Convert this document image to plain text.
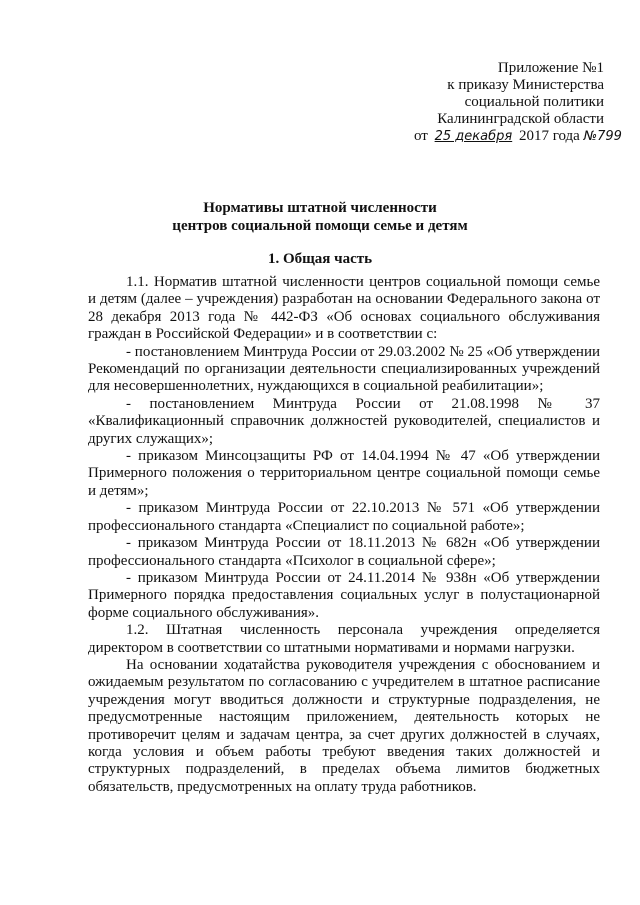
Приложение №1
к приказу Министерства
социальной политики
Калининградской области
от 25 декабря 2017 года №799
Нормативы штатной численности
центров социальной помощи семье и детям
1. Общая часть

1.1. Норматив штатной численности центров социальной помощи семье и детям (далее – учреждения) разработан на основании Федерального закона от 28 декабря 2013 года № 442-ФЗ «Об основах социального обслуживания граждан в Российской Федерации» и в соответствии с:

- постановлением Минтруда России от 29.03.2002 № 25 «Об утверждении Рекомендаций по организации деятельности специализированных учреждений для несовершеннолетних, нуждающихся в социальной реабилитации»;

- постановлением Минтруда России от 21.08.1998 № 37 «Квалификационный справочник должностей руководителей, специалистов и других служащих»;

- приказом Минсоцзащиты РФ от 14.04.1994 № 47 «Об утверждении Примерного положения о территориальном центре социальной помощи семье и детям»;

- приказом Минтруда России от 22.10.2013 № 571 «Об утверждении профессионального стандарта «Специалист по социальной работе»;

- приказом Минтруда России от 18.11.2013 № 682н «Об утверждении профессионального стандарта «Психолог в социальной сфере»;

- приказом Минтруда России от 24.11.2014 № 938н «Об утверждении Примерного порядка предоставления социальных услуг в полустационарной форме социального обслуживания».

1.2. Штатная численность персонала учреждения определяется директором в соответствии со штатными нормативами и нормами нагрузки.

На основании ходатайства руководителя учреждения с обоснованием и ожидаемым результатом по согласованию с учредителем в штатное расписание учреждения могут вводиться должности и структурные подразделения, не предусмотренные настоящим приложением, деятельность которых не противоречит целям и задачам центра, за счет других должностей в случаях, когда условия и объем работы требуют введения таких должностей и структурных подразделений, в пределах объема лимитов бюджетных обязательств, предусмотренных на оплату труда работников.
